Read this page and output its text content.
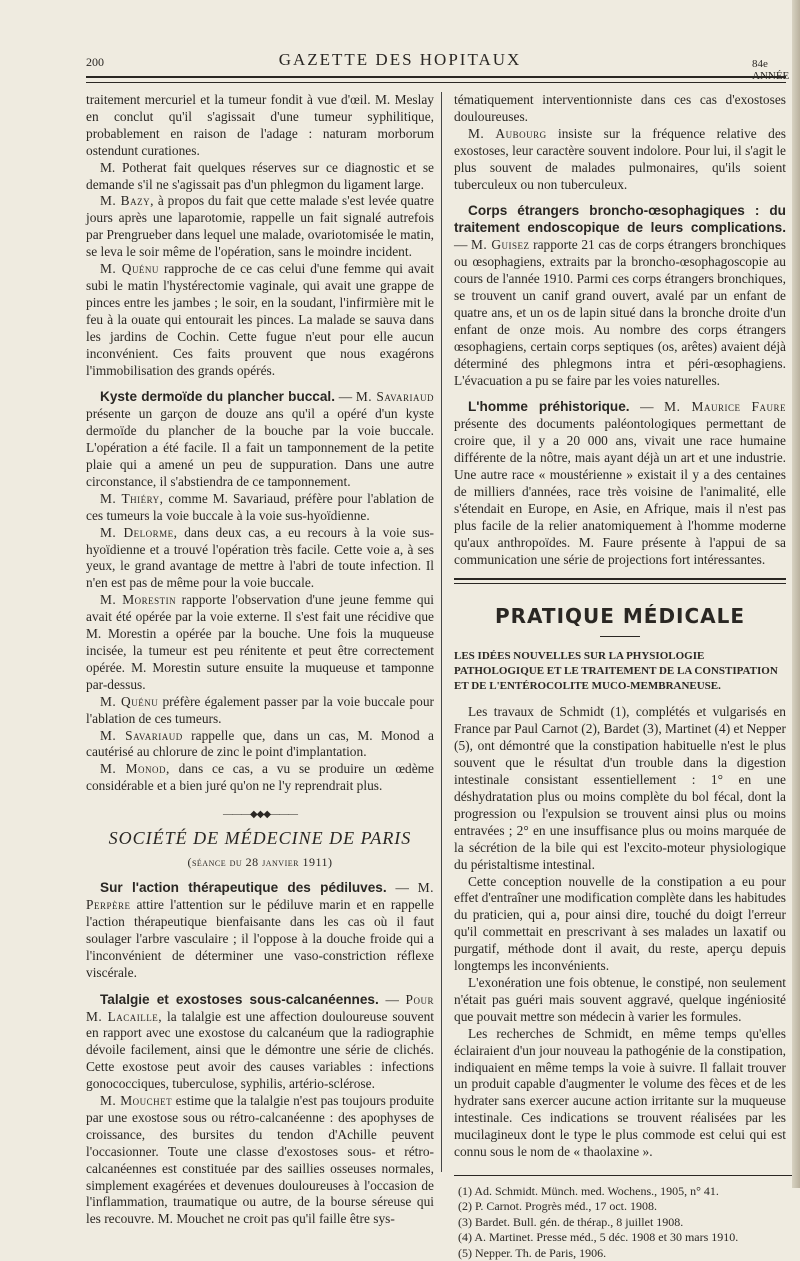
200	GAZETTE DES HOPITAUX	84e ANNÉE

traitement mercuriel et la tumeur fondit à vue d'œil. M. Meslay en conclut qu'il s'agissait d'une tumeur syphilitique, probablement en raison de l'adage : naturam morborum ostendunt curationes.

M. Potherat fait quelques réserves sur ce diagnostic et se demande s'il ne s'agissait pas d'un phlegmon du ligament large.

M. Bazy, à propos du fait que cette malade s'est levée quatre jours après une laparotomie, rappelle un fait signalé autrefois par Prengrueber dans lequel une malade, ovariotomisée le matin, se leva le soir même de l'opération, sans le moindre incident.

M. Quénu rapproche de ce cas celui d'une femme qui avait subi le matin l'hystérectomie vaginale, qui avait une grappe de pinces entre les jambes ; le soir, en la soudant, l'infirmière mit le feu à la ouate qui entourait les pinces. La malade se sauva dans les jardins de Cochin. Cette fugue n'eut pour elle aucun inconvénient. Ces faits prouvent que nous exagérons l'immobilisation des grands opérés.

Kyste dermoïde du plancher buccal. — M. Savariaud présente un garçon de douze ans qu'il a opéré d'un kyste dermoïde du plancher de la bouche par la voie buccale. L'opération a été facile. Il a fait un tamponnement de la petite plaie qui a amené un peu de suppuration. Dans une autre circonstance, il s'abstiendra de ce tamponnement.

M. Thiéry, comme M. Savariaud, préfère pour l'ablation de ces tumeurs la voie buccale à la voie sus-hyoïdienne.

M. Delorme, dans deux cas, a eu recours à la voie sus-hyoïdienne et a trouvé l'opération très facile. Cette voie a, à ses yeux, le grand avantage de mettre à l'abri de toute infection. Il n'en est pas de même pour la voie buccale.

M. Morestin rapporte l'observation d'une jeune femme qui avait été opérée par la voie externe. Il s'est fait une récidive que M. Morestin a opérée par la bouche. Une fois la muqueuse incisée, la tumeur est peu rénitente et peut être correctement opérée. M. Morestin suture ensuite la muqueuse et tamponne par-dessus.

M. Quénu préfère également passer par la voie buccale pour l'ablation de ces tumeurs.

M. Savariaud rappelle que, dans un cas, M. Monod a cautérisé au chlorure de zinc le point d'implantation.

M. Monod, dans ce cas, a vu se produire un œdème considérable et a bien juré qu'on ne l'y reprendrait plus.

———◆◆◆———
SOCIÉTÉ DE MÉDECINE DE PARIS
(séance du 28 janvier 1911)

Sur l'action thérapeutique des pédiluves. — M. Perpère attire l'attention sur le pédiluve marin et en rappelle l'action thérapeutique bienfaisante dans les cas où il faut soulager l'arbre vasculaire ; il l'oppose à la douche froide qui a l'inconvénient de déterminer une vaso-constriction réflexe viscérale.

Talalgie et exostoses sous-calcanéennes. — Pour M. Lacaille, la talalgie est une affection douloureuse souvent en rapport avec une exostose du calcanéum que la radiographie dévoile facilement, ainsi que le démontre une série de clichés. Cette exostose peut avoir des causes variables : infections gonococciques, tuberculose, syphilis, artério-sclérose.

M. Mouchet estime que la talalgie n'est pas toujours produite par une exostose sous ou rétro-calcanéenne : des apophyses de croissance, des bursites du tendon d'Achille peuvent l'occasionner. Toute une classe d'exostoses sous- et rétro-calcanéennes est constituée par des saillies osseuses normales, simplement exagérées et devenues douloureuses à l'occasion de l'inflammation, traumatique ou autre, de la bourse séreuse qui les recouvre. M. Mouchet ne croit pas qu'il faille être sys-

tématiquement interventionniste dans ces cas d'exostoses douloureuses.

M. Aubourg insiste sur la fréquence relative des exostoses, leur caractère souvent indolore. Pour lui, il s'agit le plus souvent de malades pulmonaires, qu'ils soient tuberculeux ou non tuberculeux.

Corps étrangers broncho-œsophagiques : du traitement endoscopique de leurs complications. — M. Guisez rapporte 21 cas de corps étrangers bronchiques ou œsophagiens, extraits par la broncho-œsophagoscopie au cours de l'année 1910. Parmi ces corps étrangers bronchiques, se trouvent un canif grand ouvert, avalé par un enfant de quatre ans, et un os de lapin situé dans la bronche droite d'un enfant de onze mois. Au nombre des corps étrangers œsophagiens, certain corps septiques (os, arêtes) avaient déjà déterminé des phlegmons intra et péri-œsophagiens. L'évacuation a pu se faire par les voies naturelles.

L'homme préhistorique. — M. Maurice Faure présente des documents paléontologiques permettant de croire que, il y a 20 000 ans, vivait une race humaine différente de la nôtre, mais ayant déjà un art et une industrie. Une autre race « moustérienne » existait il y a des centaines de milliers d'années, race très voisine de l'animalité, elle s'étendait en Europe, en Asie, en Afrique, mais il n'est pas plus facile de la relier anatomiquement à l'homme moderne qu'aux anthropoïdes. M. Faure présente à l'appui de sa communication une série de projections fort intéressantes.

PRATIQUE MÉDICALE
LES IDÉES NOUVELLES SUR LA PHYSIOLOGIE PATHOLOGIQUE ET LE TRAITEMENT DE LA CONSTIPATION ET DE L'ENTÉROCOLITE MUCO-MEMBRANEUSE.

Les travaux de Schmidt (1), complétés et vulgarisés en France par Paul Carnot (2), Bardet (3), Martinet (4) et Nepper (5), ont démontré que la constipation habituelle n'est le plus souvent que le résultat d'un trouble dans la digestion intestinale consistant essentiellement : 1° en une déshydratation plus ou moins complète du bol fécal, dont la progression ou l'expulsion se trouvent ainsi plus ou moins entravées ; 2° en une insuffisance plus ou moins marquée de la sécrétion de la bile qui est l'excito-moteur physiologique du péristaltisme intestinal.

Cette conception nouvelle de la constipation a eu pour effet d'entraîner une modification complète dans les habitudes du praticien, qui a, pour ainsi dire, touché du doigt l'erreur qu'il commettait en prescrivant à ses malades un laxatif ou purgatif, méthode dont il avait, du reste, aperçu depuis longtemps les inconvénients.

L'exonération une fois obtenue, le constipé, non seulement n'était pas guéri mais souvent aggravé, quelque ingéniosité que pouvait mettre son médecin à varier les formules.

Les recherches de Schmidt, en même temps qu'elles éclairaient d'un jour nouveau la pathogénie de la constipation, indiquaient en même temps la voie à suivre. Il fallait trouver un produit capable d'augmenter le volume des fèces et de les hydrater sans exercer aucune action irritante sur la muqueuse intestinale. Ces indications se trouvent réalisées par les mucilagineux dont le type le plus commode est celui qui est connu sous le nom de « thaolaxine ».

(1) Ad. Schmidt. Münch. med. Wochens., 1905, n° 41.
(2) P. Carnot. Progrès méd., 17 oct. 1908.
(3) Bardet. Bull. gén. de thérap., 8 juillet 1908.
(4) A. Martinet. Presse méd., 5 déc. 1908 et 30 mars 1910.
(5) Nepper. Th. de Paris, 1906.
